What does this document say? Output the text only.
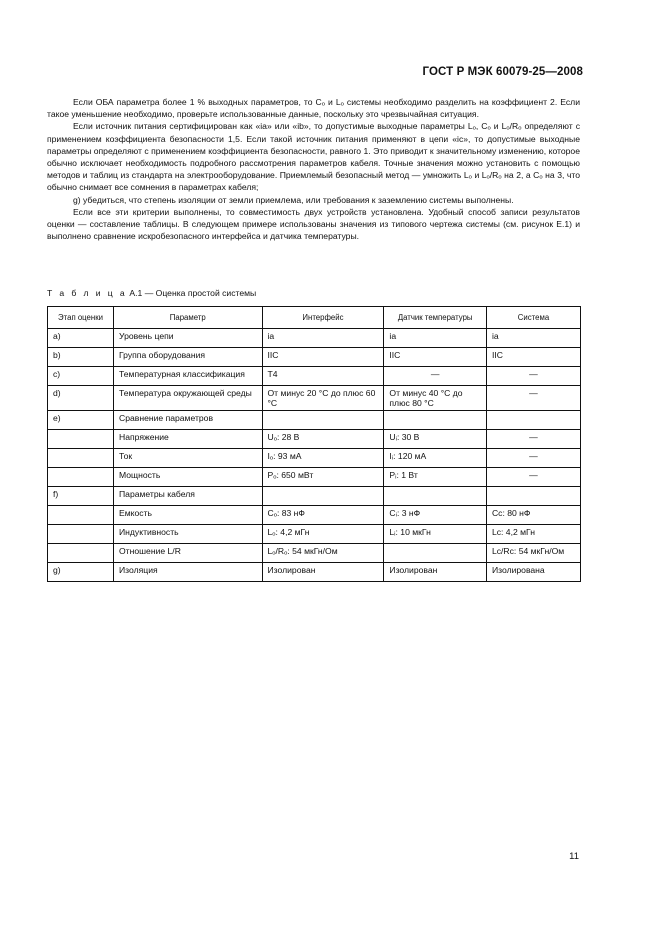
ГОСТ Р МЭК 60079-25—2008

Если ОБА параметра более 1 % выходных параметров, то Cₒ и Lₒ системы необходимо разделить на коэффициент 2. Если такое уменьшение необходимо, проверьте использованные данные, поскольку это чрезвычайная ситуация.

Если источник питания сертифицирован как «ia» или «ib», то допустимые выходные параметры Lₒ, Cₒ и Lₒ/Rₒ определяют с применением коэффициента безопасности 1,5. Если такой источник питания применяют в цепи «ic», то допустимые выходные параметры определяют с применением коэффициента безопасности, равного 1. Это приводит к значительному изменению, которое обычно исключает необходимость подробного рассмотрения параметров кабеля. Точные значения можно установить с помощью методов и таблиц из стандарта на электрооборудование. Приемлемый безопасный метод — умножить Lₒ и Lₒ/Rₒ на 2, а Cₒ на 3, что обычно снимает все сомнения в параметрах кабеля;

g) убедиться, что степень изоляции от земли приемлема, или требования к заземлению системы выполнены.

Если все эти критерии выполнены, то совместимость двух устройств установлена. Удобный способ записи результатов оценки — составление таблицы. В следующем примере использованы значения из типового чертежа системы (см. рисунок Е.1) и выполнено сравнение искробезопасного интерфейса и датчика температуры.

Т а б л и ц а A.1 — Оценка простой системы
Этап оценки	Параметр	Интерфейс	Датчик температуры	Система
a)	Уровень цепи	ia	ia	ia
b)	Группа оборудования	IIC	IIC	IIC
c)	Температурная классификация	T4	—	—
d)	Температура окружающей среды	От минус 20 °C до плюс 60 °C	От минус 40 °C до плюс 80 °C	—
e)	Сравнение параметров			
	Напряжение	Uₒ: 28 В	Uᵢ: 30 В	—
	Ток	Iₒ: 93 мА	Iᵢ: 120 мА	—
	Мощность	Pₒ: 650 мВт	Pᵢ: 1 Вт	—
f)	Параметры кабеля			
	Емкость	Cₒ: 83 нФ	Cᵢ: 3 нФ	Cc: 80 нФ
	Индуктивность	Lₒ: 4,2 мГн	Lᵢ: 10 мкГн	Lc: 4,2 мГн
	Отношение L/R	Lₒ/Rₒ: 54 мкГн/Ом		Lc/Rc: 54 мкГн/Ом
g)	Изоляция	Изолирован	Изолирован	Изолирована
11
